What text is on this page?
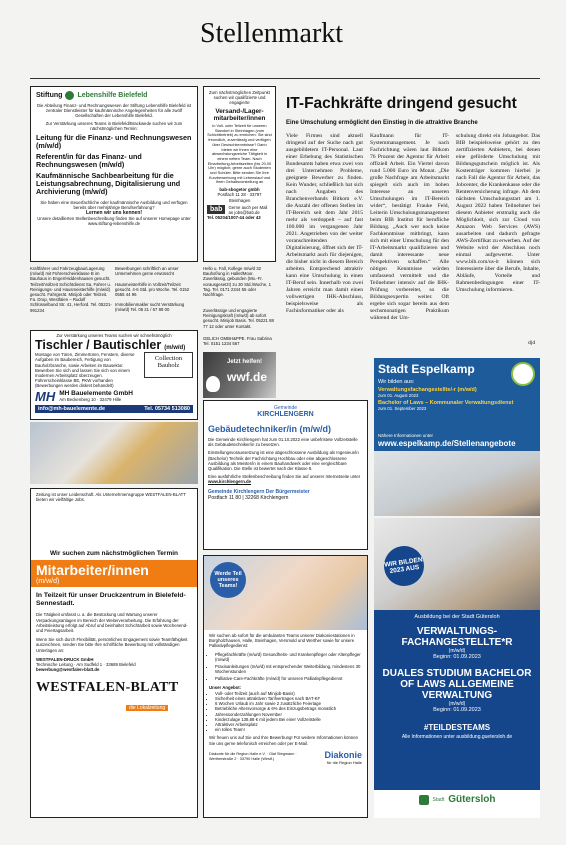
Stellenmarkt
Stiftung Lebenshilfe Bielefeld
Die Abteilung Finanz- und Rechnungswesen der Stiftung Lebenshilfe Bielefeld ist zentraler Dienstleister für kaufmännische Angelegenheiten für alle zwölf Gesellschaften der Lebenshilfe Bielefeld.
Zur Verstärkung unseres Teams in Bielefeld/Brackwede suchen wir zum nächstmöglichen Termin:
Leitung für die Finanz- und Rechnungswesen (m/w/d)
Referent/in für das Finanz- und Rechnungswesen (m/w/d)
Kaufmännische Sachbearbeitung für die Leistungsabrechnung, Digitalisierung und Archivierung (m/w/d)
Sie haben eine steuerfachliche oder kaufmännische Ausbildung und verfügen bereits über mehrjährige Berufserfahrung?
Lernen wir uns kennen!
Unsere detaillierten Stellenbeschreibung finden Sie auf unserer Homepage unter www.stiftung-lebenshilfe.de
Zum nächstmöglichen Zeitpunkt suchen wir qualifizierte und engagierte
Versand-/Lager-mitarbeiter/innen
in Voll- oder Teilzeit für unseren Standort in Steinhagen (vom Schichtbetrieb) zu erreichen. Sie sind freundlich, zuverlässig und verfügen über Deutschkenntnisse? Dann bieten wir Ihnen eine abwechslungsreiche Tätigkeit in einem netten Team. Nach Einarbeitung Arbeitszeiten (bis 20.00 Uhr) möglich; gerne auch Studenten und Schüler. Bitte senden Sie Ihre Kurzbewerbung mit Lebenslauf und Ihren Gehaltsvorstellung an
bab-sbogetor gmbh
Postfach 11 28 · 33797 Steinhagen
bab	Gerne auch per Mail an jobs@bab.de
Tel. 05204/1007-44 oder 43
IT-Fachkräfte dringend gesucht
Eine Umschulung ermöglicht den Einstieg in die attraktive Branche
Viele Firmen sind aktuell dringend auf der Suche nach gut ausgebildetem IT-Personal. Laut einer Erhebung des Statistischen Bundesamts haben etwa zwei von drei Unternehmen Probleme, geeignete Bewerber zu finden. Kein Wunder, schließlich hat sich nach Angaben des Branchenverbands Bitkom e.V. die Anzahl der offenen Stellen im IT-Bereich seit dem Jahr 2015 mehr als verdoppelt – auf fast 100.000 im vergangenen Jahr 2021. Angetrieben von der weiter voranschreitenden Digitalisierung, öffnet sich der IT-Arbeitsmarkt auch für diejenigen, die bisher nicht in diesem Bereich arbeiten. Entsprechend attraktiv kann eine Umschulung in einen IT-Beruf sein. Innerhalb von zwei Jahren erreicht man damit einen vollwertigen IHK-Abschluss, beispielsweise als Fachinformatiker oder als
Kaufmann für IT-Systemmanagement. Je nach Fachrichtung wären laut Bitkom 76 Prozent der Agentur für Arbeit offiziell Arbeit. Ein Viertel davon rund 5.000 Euro im Monat. „Die große Nachfrage am Arbeitsmarkt spiegelt sich auch im hohen Interesse an unseren Umschulungen im IT-Bereich wider“, bestätigt Frauke Feld, Leiterin Umschulungsmanagement beim BIB Institut für berufliche Bildung. „Auch wer noch keine Fachkenntnisse mitbringt, kann sich mit einer Umschulung für den IT-Arbeitsmarkt qualifizieren und damit interessante neue Perspektiven schaffen.“ Alle nötigen Kenntnisse würden umfassend vermittelt und die Teilnehmer intensiv auf die IHK-Prüfung vorbereitet, so die Bildungsexpertin weiter. Oft ergebe sich sogar bereits aus dem sechsmonatigen Praktikum während der Um-
schulung direkt ein Jobangebot. Das BIB beispielsweise gehört zu den zertifizierten Anbietern, bei denen eine geförderte Umschulung mit Bildungsgutschein möglich ist. Als Kostenträger kommen hierbei je nach Fall die Agentur für Arbeit, das Jobcenter, die Krankenkasse oder die Rentenversicherung infrage. Ab dem nächsten Umschulungsstart am 1. August 2022 haben Teilnehmer bei diesem Anbieter erstmalig auch die Möglichkeit, sich zur Cloud von Amazon Web Services (AWS) ausarbeiten und dadurch gefragte AWS-Zertifikat zu erwerben. Auf der Website wird der Abschluss noch einmal aufgewertet. Unter www.bib.com/us-it können sich Interessierte über die Berufe, Inhalte, Abläufe, Vorteile und Rahmenbedingungen einer IT-Umschulung informieren.
djd
Kraftfahrer und Fahrzeugbau/Lagerung (m/w/d) mit Führerscheinklasse B im Bauhaus in Enger/Hiddenhausen gesucht. Teilzeit/Vollzeit Schichtdienst Sa. Fahrer u. Reinigungs- und Hausmeisterhilfe (m/w/d) gesucht. Fahrgerät. Minijob oder Teilzeit. Fa. Drop, Westfalen – Rudolf Schlüsselbund Str. 41, Herford. Tel. 05221-991234
Bewerbungen schriftlich an unser Unternehmen gerne erwünscht
Hausmeisterhilfe in Vollzeit/Teilzeit gesucht. 4-6 Std. pro Woche. Tel. 0152 0555 44 96
Immobilienmakler sucht Verstärkung (m/w/d) Tel. 05 21 / 67 89 00
Zur Verstärkung unseres Teams suchen wir schnellstmöglich
Tischler / Bautischler (m/w/d)
Montage von Türen, Zimmertüren, Fenstern, diverse Aufgaben im Baubereich, Fertigung von Bauholzbranche, sowie Arbeiten im Bausektor. Bewerben Sie sich und lassen Sie sich von einem modernen Arbeitsplatz überzeugen. Führerscheinklasse BE, PKW vorhanden
Collection Bauholz
(Bewerbungen werden diskret behandelt)
MH MH Bauelemente GmbH
Am Beckenberg 10 · 32479 Hille
info@mh-bauelemente.de	Tel. 05734 513080
Hello u. Fall, Kollege m/w/d 32 Bauhof/ung in Hallet/Moor. Zuverlässig, gebunden (Mo.-Fr. vorausgesetzt) zu 30 Std./Woche, 1 Tag. Tel. 0171 2344 55 oder Nachfrage.
Zuverlässige und engagierte Reinigungskraft (m/w/d) ab sofort gesucht. Minijob Basis. Tel. 05221 88 77 12 oder unter Kontakt.
GELICH GMBH&PPE. Frau Sabrina Tel. 0151 1234 567
Jetzt helfen!
wwf.de
Gemeinde
KIRCHLENGERN
Gebäudetechniker/in (m/w/d)
Die Gemeinde Kirchlengern hat zum 01.10.2022 eine unbefristete Vollzeitstelle als Gebäudetechniker/in zu besetzen.
Einstellungsvoraussetzung ist eine abgeschlossene Ausbildung als Ingenieur/in (Bachelor) Technik der Fachrichtung Hochbau oder eine abgeschlossene Ausbildung als Meister/in in einem Bauhandwerk oder eine vergleichbare Qualifikation. Die Stelle ist bewertet nach der Klasse 8.
Eine ausführliche Stellenbeschreibung finden Sie auf unserer Internetseite unter
www.kirchlengern.de
Gemeinde Kirchlengern Der Bürgermeister
Postfach 11 80 | 32268 Kirchlengern
Zeitung ist unser Leidenschaft. Als Unternehmensgruppe WESTFALEN-BLATT bieten wir vielfältige Jobs.
Wir suchen zum nächstmöglichen Termin
Mitarbeiter/innen
(m/w/d)
In Teilzeit für unser Druckzentrum in Bielefeld-Sennestadt.
Die Tätigkeit umfasst u. a. die Bestückung und Wartung unserer Verpackungsanlagen im Bereich der Weiterverarbeitung. Die Erfahrung der Arbeitsleistung erfolgt auf Abruf und beinhaltet Schichtarbeit sowie Wochenend- und Feiertagsarbeit.
Wenn Sie sich durch Flexibilität, persönliches Engagement sowie Teamfähigkeit auszeichnen, senden Sie bitte Ihre schriftliche Bewerbung mit vollständigen Unterlagen an:
WESTFALEN-DRUCK GmbH
Technische Leitung · Am Sudfeld 1 · 33689 Bielefeld
bewerbung@westfalen-blatt.de
WESTFALEN-BLATT
die Lokalzeitung
Werde Teil unseres Teams!
Wir suchen ab sofort für die ambulanten Teams unserer Diakoniestationen in Borgholzhausen, Halle, Steinhagen, Versmold und Werther sowie für unsere Palliativpflegedienst:
• Pflegefachkräfte (m/w/d) Gesundheits- und Krankenpfleger oder Altenpfleger (m/w/d)
• Praxisanleitungen (m/w/d) mit entsprechender Weiterbildung, mindestens 30 Wochenstunden
• Palliative-Care-Fachkräfte (m/w/d) für unseren Palliativpflegedienst
Unser Angebot:
• Voll- oder Teilzeit (auch auf Minijob-Basis)
• Sicherheit eines attraktiven Tarifvertrages nach BAT-KF
• 6 Wochen Urlaub im Jahr sowie 2 zusätzliche Feiertage
• Betriebliche Altersvorsorge & 6% des Einzugsbetrags monatlich
• Jahressonderzahlungen November
• Kinderzulage 138,88 € mit jedem Bei einer Vollzeitstelle
• Attraktiver Arbeitsplatz
• ein tolles Team!
Wir freuen uns auf Sie und Ihre Bewerbung! Für weitere Informationen können Sie uns gerne telefonisch erreichen oder per E-Mail.
Diakonie für die Region Halle e.V. · Olaf Stegmann · Wertherstraße 2 · 33790 Halle (Westf.)	Diakonie
für die Region Halle
Stadt Espelkamp
Wir bilden aus:
Verwaltungsfachangestellte/-r (m/w/d)
zum 01. August 2023
Bachelor of Laws – Kommunaler Verwaltungsdienst
zum 01. September 2023
Nähere Informationen unter
www.espelkamp.de/Stellenangebote
WIR BILDEN 2023 AUS
Ausbildung bei der Stadt Gütersloh
VERWALTUNGS-FACHANGESTELLTE*R
(m/w/d)
Beginn: 01.09.2023
DUALES STUDIUM BACHELOR OF LAWS ALLGEMEINE VERWALTUNG
(m/w/d)
Beginn: 01.09.2023
#TEILDESTEAMS
Alle Informationen unter ausbildung.guetersloh.de
Stadt Gütersloh
